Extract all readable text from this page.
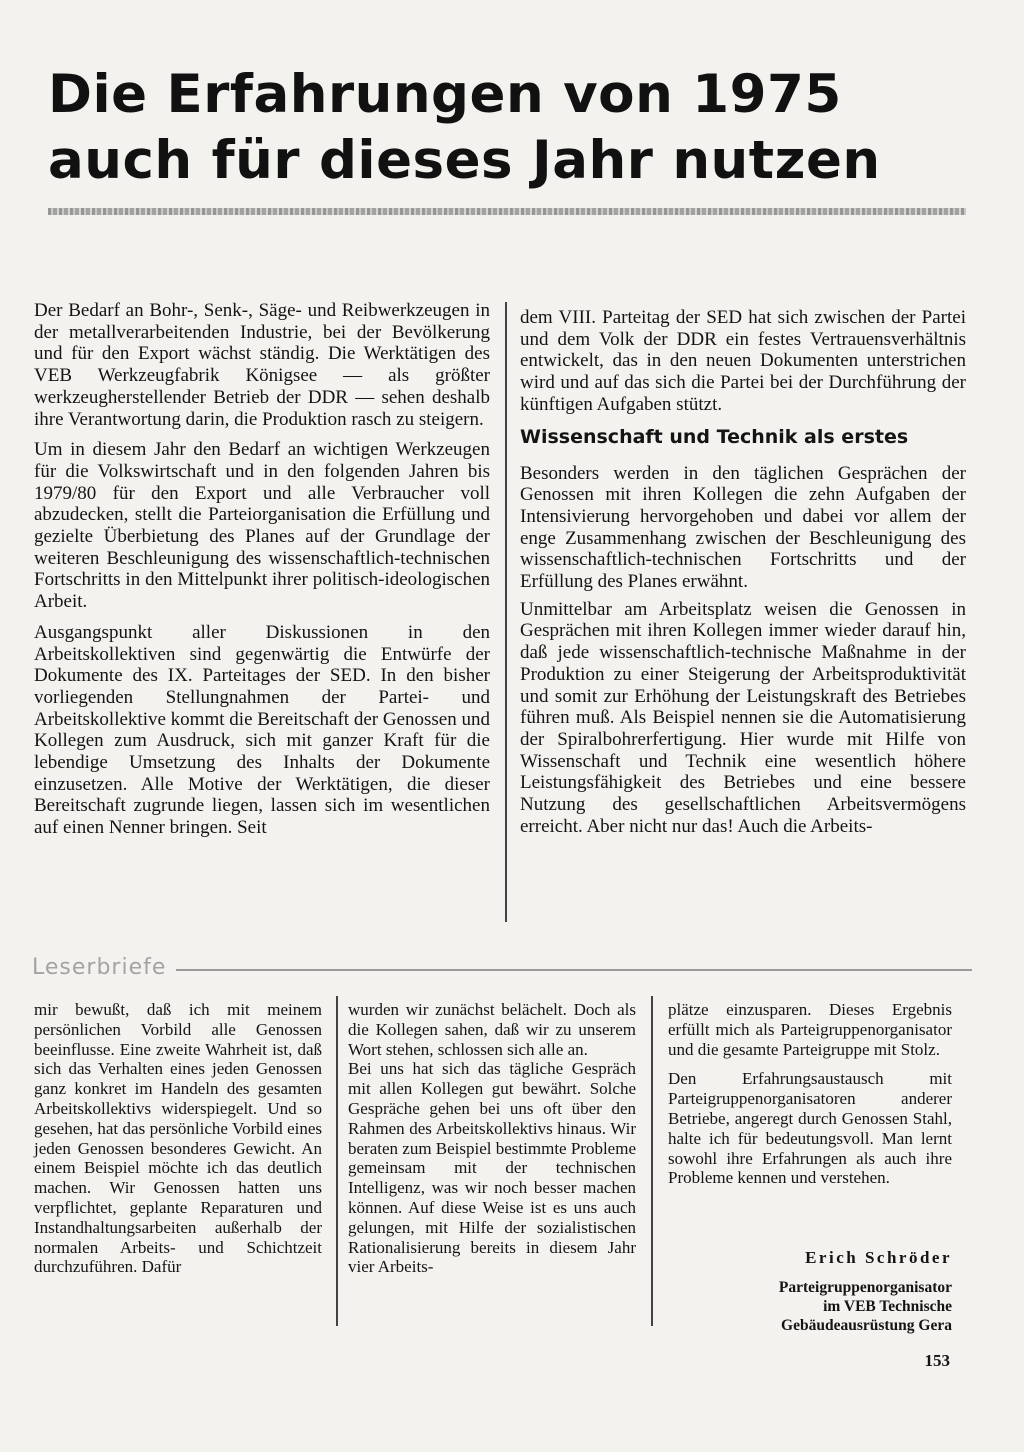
Die Erfahrungen von 1975
auch für dieses Jahr nutzen

Der Bedarf an Bohr-, Senk-, Säge- und Reibwerkzeugen in der metallverarbeitenden Industrie, bei der Bevölkerung und für den Export wächst ständig. Die Werktätigen des VEB Werkzeugfabrik Königsee — als größter werkzeugherstellender Betrieb der DDR — sehen deshalb ihre Verantwortung darin, die Produktion rasch zu steigern.

Um in diesem Jahr den Bedarf an wichtigen Werkzeugen für die Volkswirtschaft und in den folgenden Jahren bis 1979/80 für den Export und alle Verbraucher voll abzudecken, stellt die Parteiorganisation die Erfüllung und gezielte Überbietung des Planes auf der Grundlage der weiteren Beschleunigung des wissenschaftlich-technischen Fortschritts in den Mittelpunkt ihrer politisch-ideologischen Arbeit.

Ausgangspunkt aller Diskussionen in den Arbeitskollektiven sind gegenwärtig die Entwürfe der Dokumente des IX. Parteitages der SED. In den bisher vorliegenden Stellungnahmen der Partei- und Arbeitskollektive kommt die Bereitschaft der Genossen und Kollegen zum Ausdruck, sich mit ganzer Kraft für die lebendige Umsetzung des Inhalts der Dokumente einzusetzen. Alle Motive der Werktätigen, die dieser Bereitschaft zugrunde liegen, lassen sich im wesentlichen auf einen Nenner bringen. Seit

dem VIII. Parteitag der SED hat sich zwischen der Partei und dem Volk der DDR ein festes Vertrauensverhältnis entwickelt, das in den neuen Dokumenten unterstrichen wird und auf das sich die Partei bei der Durchführung der künftigen Aufgaben stützt.

Wissenschaft und Technik als erstes

Besonders werden in den täglichen Gesprächen der Genossen mit ihren Kollegen die zehn Aufgaben der Intensivierung hervorgehoben und dabei vor allem der enge Zusammenhang zwischen der Beschleunigung des wissenschaftlich-technischen Fortschritts und der Erfüllung des Planes erwähnt.

Unmittelbar am Arbeitsplatz weisen die Genossen in Gesprächen mit ihren Kollegen immer wieder darauf hin, daß jede wissenschaftlich-technische Maßnahme in der Produktion zu einer Steigerung der Arbeitsproduktivität und somit zur Erhöhung der Leistungskraft des Betriebes führen muß. Als Beispiel nennen sie die Automatisierung der Spiralbohrerfertigung. Hier wurde mit Hilfe von Wissenschaft und Technik eine wesentlich höhere Leistungsfähigkeit des Betriebes und eine bessere Nutzung des gesellschaftlichen Arbeitsvermögens erreicht. Aber nicht nur das! Auch die Arbeits-

Leserbriefe

mir bewußt, daß ich mit meinem persönlichen Vorbild alle Genossen beeinflusse. Eine zweite Wahrheit ist, daß sich das Verhalten eines jeden Genossen ganz konkret im Handeln des gesamten Arbeitskollektivs widerspiegelt. Und so gesehen, hat das persönliche Vorbild eines jeden Genossen besonderes Gewicht. An einem Beispiel möchte ich das deutlich machen. Wir Genossen hatten uns verpflichtet, geplante Reparaturen und Instandhaltungsarbeiten außerhalb der normalen Arbeits- und Schichtzeit durchzuführen. Dafür

wurden wir zunächst belächelt. Doch als die Kollegen sahen, daß wir zu unserem Wort stehen, schlossen sich alle an.

Bei uns hat sich das tägliche Gespräch mit allen Kollegen gut bewährt. Solche Gespräche gehen bei uns oft über den Rahmen des Arbeitskollektivs hinaus. Wir beraten zum Beispiel bestimmte Probleme gemeinsam mit der technischen Intelligenz, was wir noch besser machen können. Auf diese Weise ist es uns auch gelungen, mit Hilfe der sozialistischen Rationalisierung bereits in diesem Jahr vier Arbeits-

plätze einzusparen. Dieses Ergebnis erfüllt mich als Parteigruppenorganisator und die gesamte Parteigruppe mit Stolz.

Den Erfahrungsaustausch mit Parteigruppenorganisatoren anderer Betriebe, angeregt durch Genossen Stahl, halte ich für bedeutungsvoll. Man lernt sowohl ihre Erfahrungen als auch ihre Probleme kennen und verstehen.

Erich Schröder
Parteigruppenorganisator
im VEB Technische
Gebäudeausrüstung Gera
153
